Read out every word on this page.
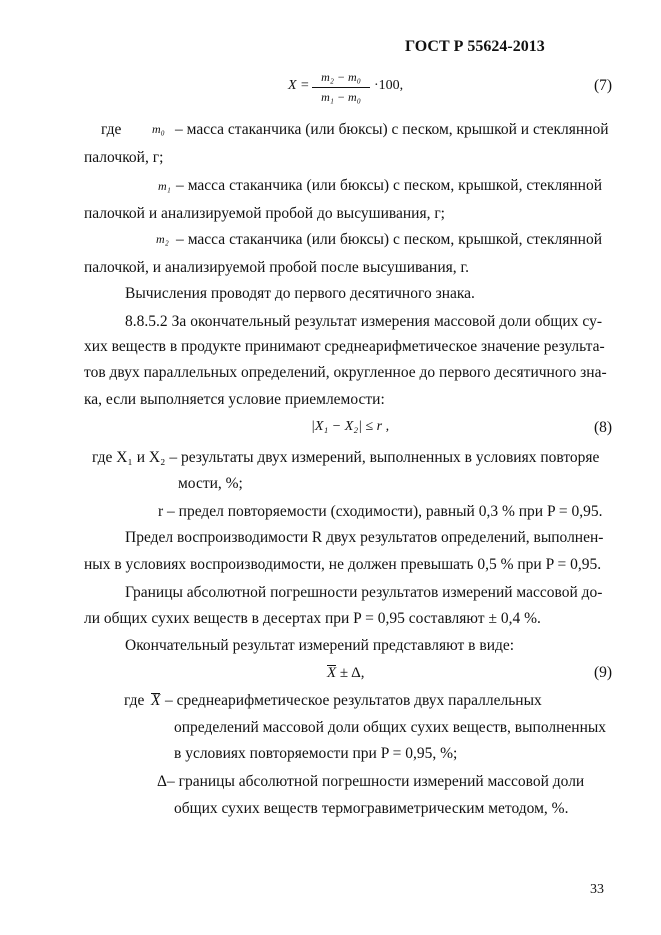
ГОСТ Р 55624-2013
X =
m₂ − m₀
m₁ − m₀
·100,	(7)
где	m₀ – масса стаканчика (или бюксы) с песком, крышкой и стеклянной
палочкой, г;
m₁ – масса стаканчика (или бюксы) с песком, крышкой, стеклянной
палочкой и анализируемой пробой до высушивания, г;
m₂ – масса стаканчика (или бюксы) с песком, крышкой, стеклянной
палочкой, и анализируемой пробой после высушивания, г.
Вычисления проводят до первого десятичного знака.
8.8.5.2 За окончательный результат измерения массовой доли общих су-
хих веществ в продукте принимают среднеарифметическое значение результа-
тов двух параллельных определений, округленное до первого десятичного зна-
ка, если выполняется условие приемлемости:
|X₁ − X₂| ≤ r ,	(8)
где X₁ и X₂ – результаты двух измерений, выполненных в условиях повторяе
мости, %;
r – предел повторяемости (сходимости), равный 0,3 % при P = 0,95.
Предел воспроизводимости R двух результатов определений, выполнен-
ных в условиях воспроизводимости, не должен превышать 0,5 % при P = 0,95.
Границы абсолютной погрешности результатов измерений массовой до-
ли общих сухих веществ в десертах при P = 0,95 составляют ± 0,4 %.
Окончательный результат измерений представляют в виде:
X ± Δ,	(9)
где X – среднеарифметическое результатов двух параллельных
определений массовой доли общих сухих веществ, выполненных
в условиях повторяемости при P = 0,95, %;
Δ– границы абсолютной погрешности измерений массовой доли
общих сухих веществ термогравиметрическим методом, %.
33
